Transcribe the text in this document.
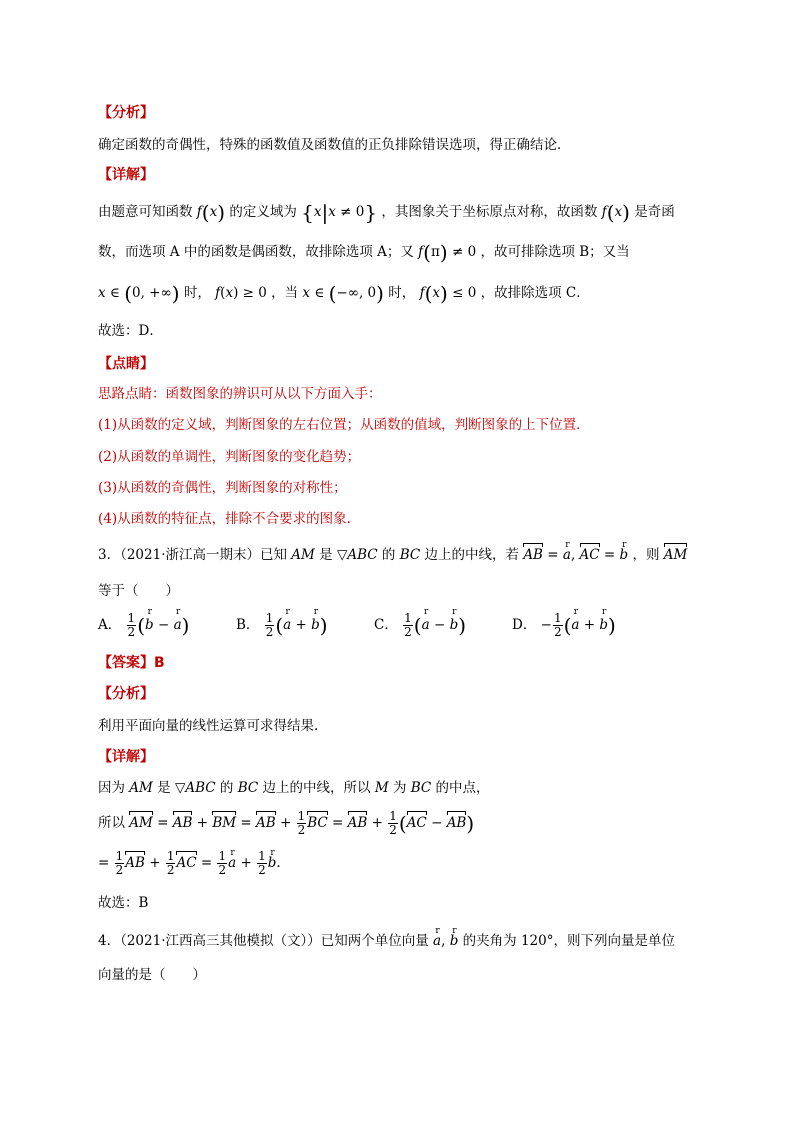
【分析】
确定函数的奇偶性，特殊的函数值及函数值的正负排除错误选项，得正确结论．
【详解】
由题意可知函数 f(x) 的定义域为 {x|x ≠ 0} ，其图象关于坐标原点对称，故函数 f(x) 是奇函
数，而选项 A 中的函数是偶函数，故排除选项 A；又 f(π) ≠ 0 ，故可排除选项 B；又当
x ∈ (0, +∞) 时， f(x) ≥ 0 ，当 x ∈ (−∞, 0) 时， f(x) ≤ 0 ，故排除选项 C．
故选：D．
【点睛】
思路点睛：函数图象的辨识可从以下方面入手：
(1)从函数的定义域，判断图象的左右位置；从函数的值域，判断图象的上下位置．
(2)从函数的单调性，判断图象的变化趋势；
(3)从函数的奇偶性，判断图象的对称性；
(4)从函数的特征点，排除不合要求的图象.
3．（2021·浙江高一期末）已知 AM 是 ▽ABC 的 BC 边上的中线，若 AB = r a, AC = r b ，则 AM
等于（　　）
A． $\frac{1}{2} (r$ b − r a)	B． $\frac{1}{2} (r$ a + r b)	C． $\frac{1}{2} (r$ a − r b)	D． − $\frac{1}{2} (r$ a + r b)
【答案】B
【分析】
利用平面向量的线性运算可求得结果.
【详解】
因为 AM 是 ▽ABC 的 BC 边上的中线，所以 M 为 BC 的中点，
所以 AM = AB + BM = AB + $\frac{1}{2}$ BC = AB + $\frac{1}{2} (AC - AB)$
= $\frac{1}{2}$ AB + $\frac{1}{2}$ AC = $\frac{1}{2}$ r $a + \frac{1}{2}$ r b.
故选：B
4．（2021·江西高三其他模拟（文））已知两个单位向量 r a, r b 的夹角为 120°，则下列向量是单位
向量的是（　　）
